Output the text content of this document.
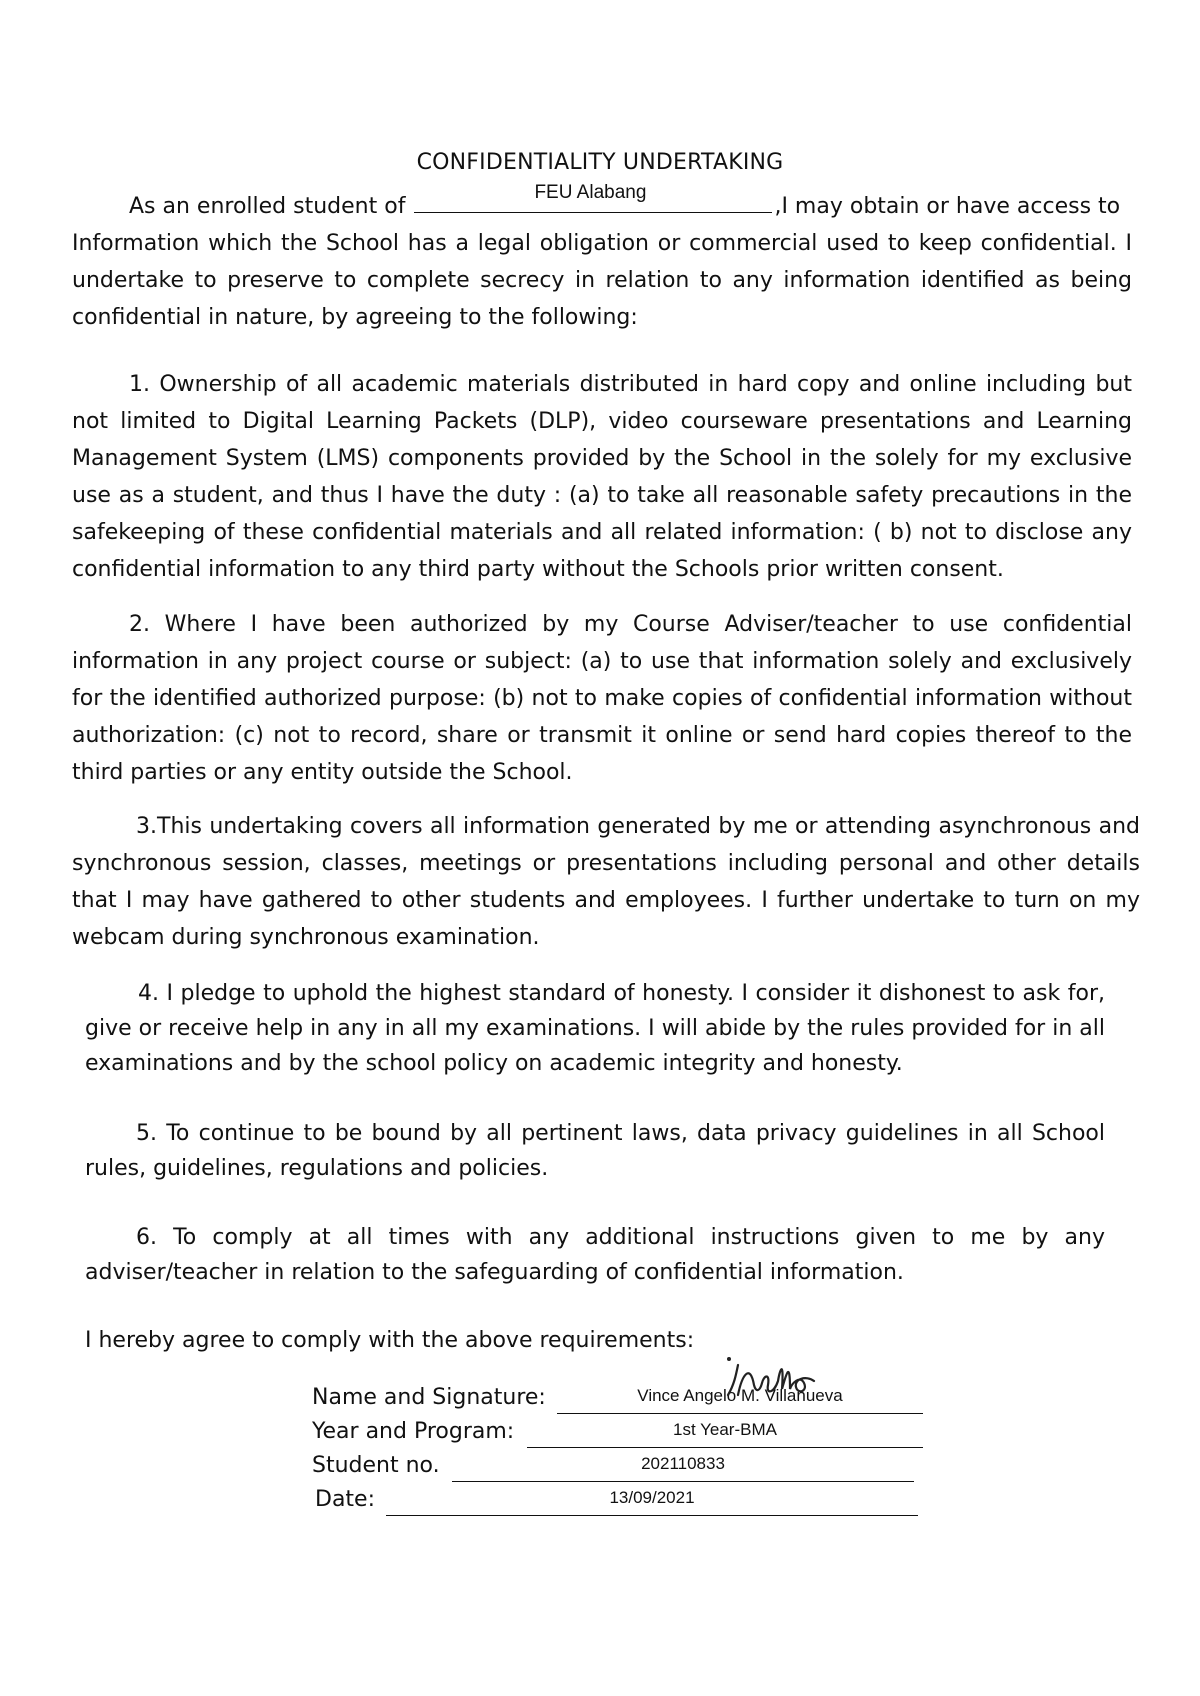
CONFIDENTIALITY UNDERTAKING
As an enrolled student of
FEU Alabang
,I may obtain or have access to
Information which the School has a legal obligation or commercial used to keep confidential. I undertake to preserve to complete secrecy in relation to any information identified as being confidential in nature, by agreeing to the following:
1. Ownership of all academic materials distributed in hard copy and online including but not limited to Digital Learning Packets (DLP), video courseware presentations and Learning Management System (LMS) components provided by the School in the solely for my exclusive use as a student, and thus I have the duty : (a) to take all reasonable safety precautions in the safekeeping of these confidential materials and all related information: ( b) not to disclose any confidential information to any third party without the Schools prior written consent.
2. Where I have been authorized by my Course Adviser/teacher to use confidential information in any project course or subject: (a) to use that information solely and exclusively for the identified authorized purpose: (b) not to make copies of confidential information without authorization: (c) not to record, share or transmit it online or send hard copies thereof to the third parties or any entity outside the School.
3.This undertaking covers all information generated by me or attending asynchronous and synchronous session, classes, meetings or presentations including personal and other details that I may have gathered to other students and employees. I further undertake to turn on my webcam during synchronous examination.
4. I pledge to uphold the highest standard of honesty. I consider it dishonest to ask for, give or receive help in any in all my examinations. I will abide by the rules provided for in all examinations and by the school policy on academic integrity and honesty.
5. To continue to be bound by all pertinent laws, data privacy guidelines in all School rules, guidelines, regulations and policies.
6. To comply at all times with any additional instructions given to me by any adviser/teacher in relation to the safeguarding of confidential information.
I hereby agree to comply with the above requirements:
Name and Signature:	Vince Angelo M. Villanueva
Year and Program:	1st Year-BMA
Student no.	202110833
Date:	13/09/2021
